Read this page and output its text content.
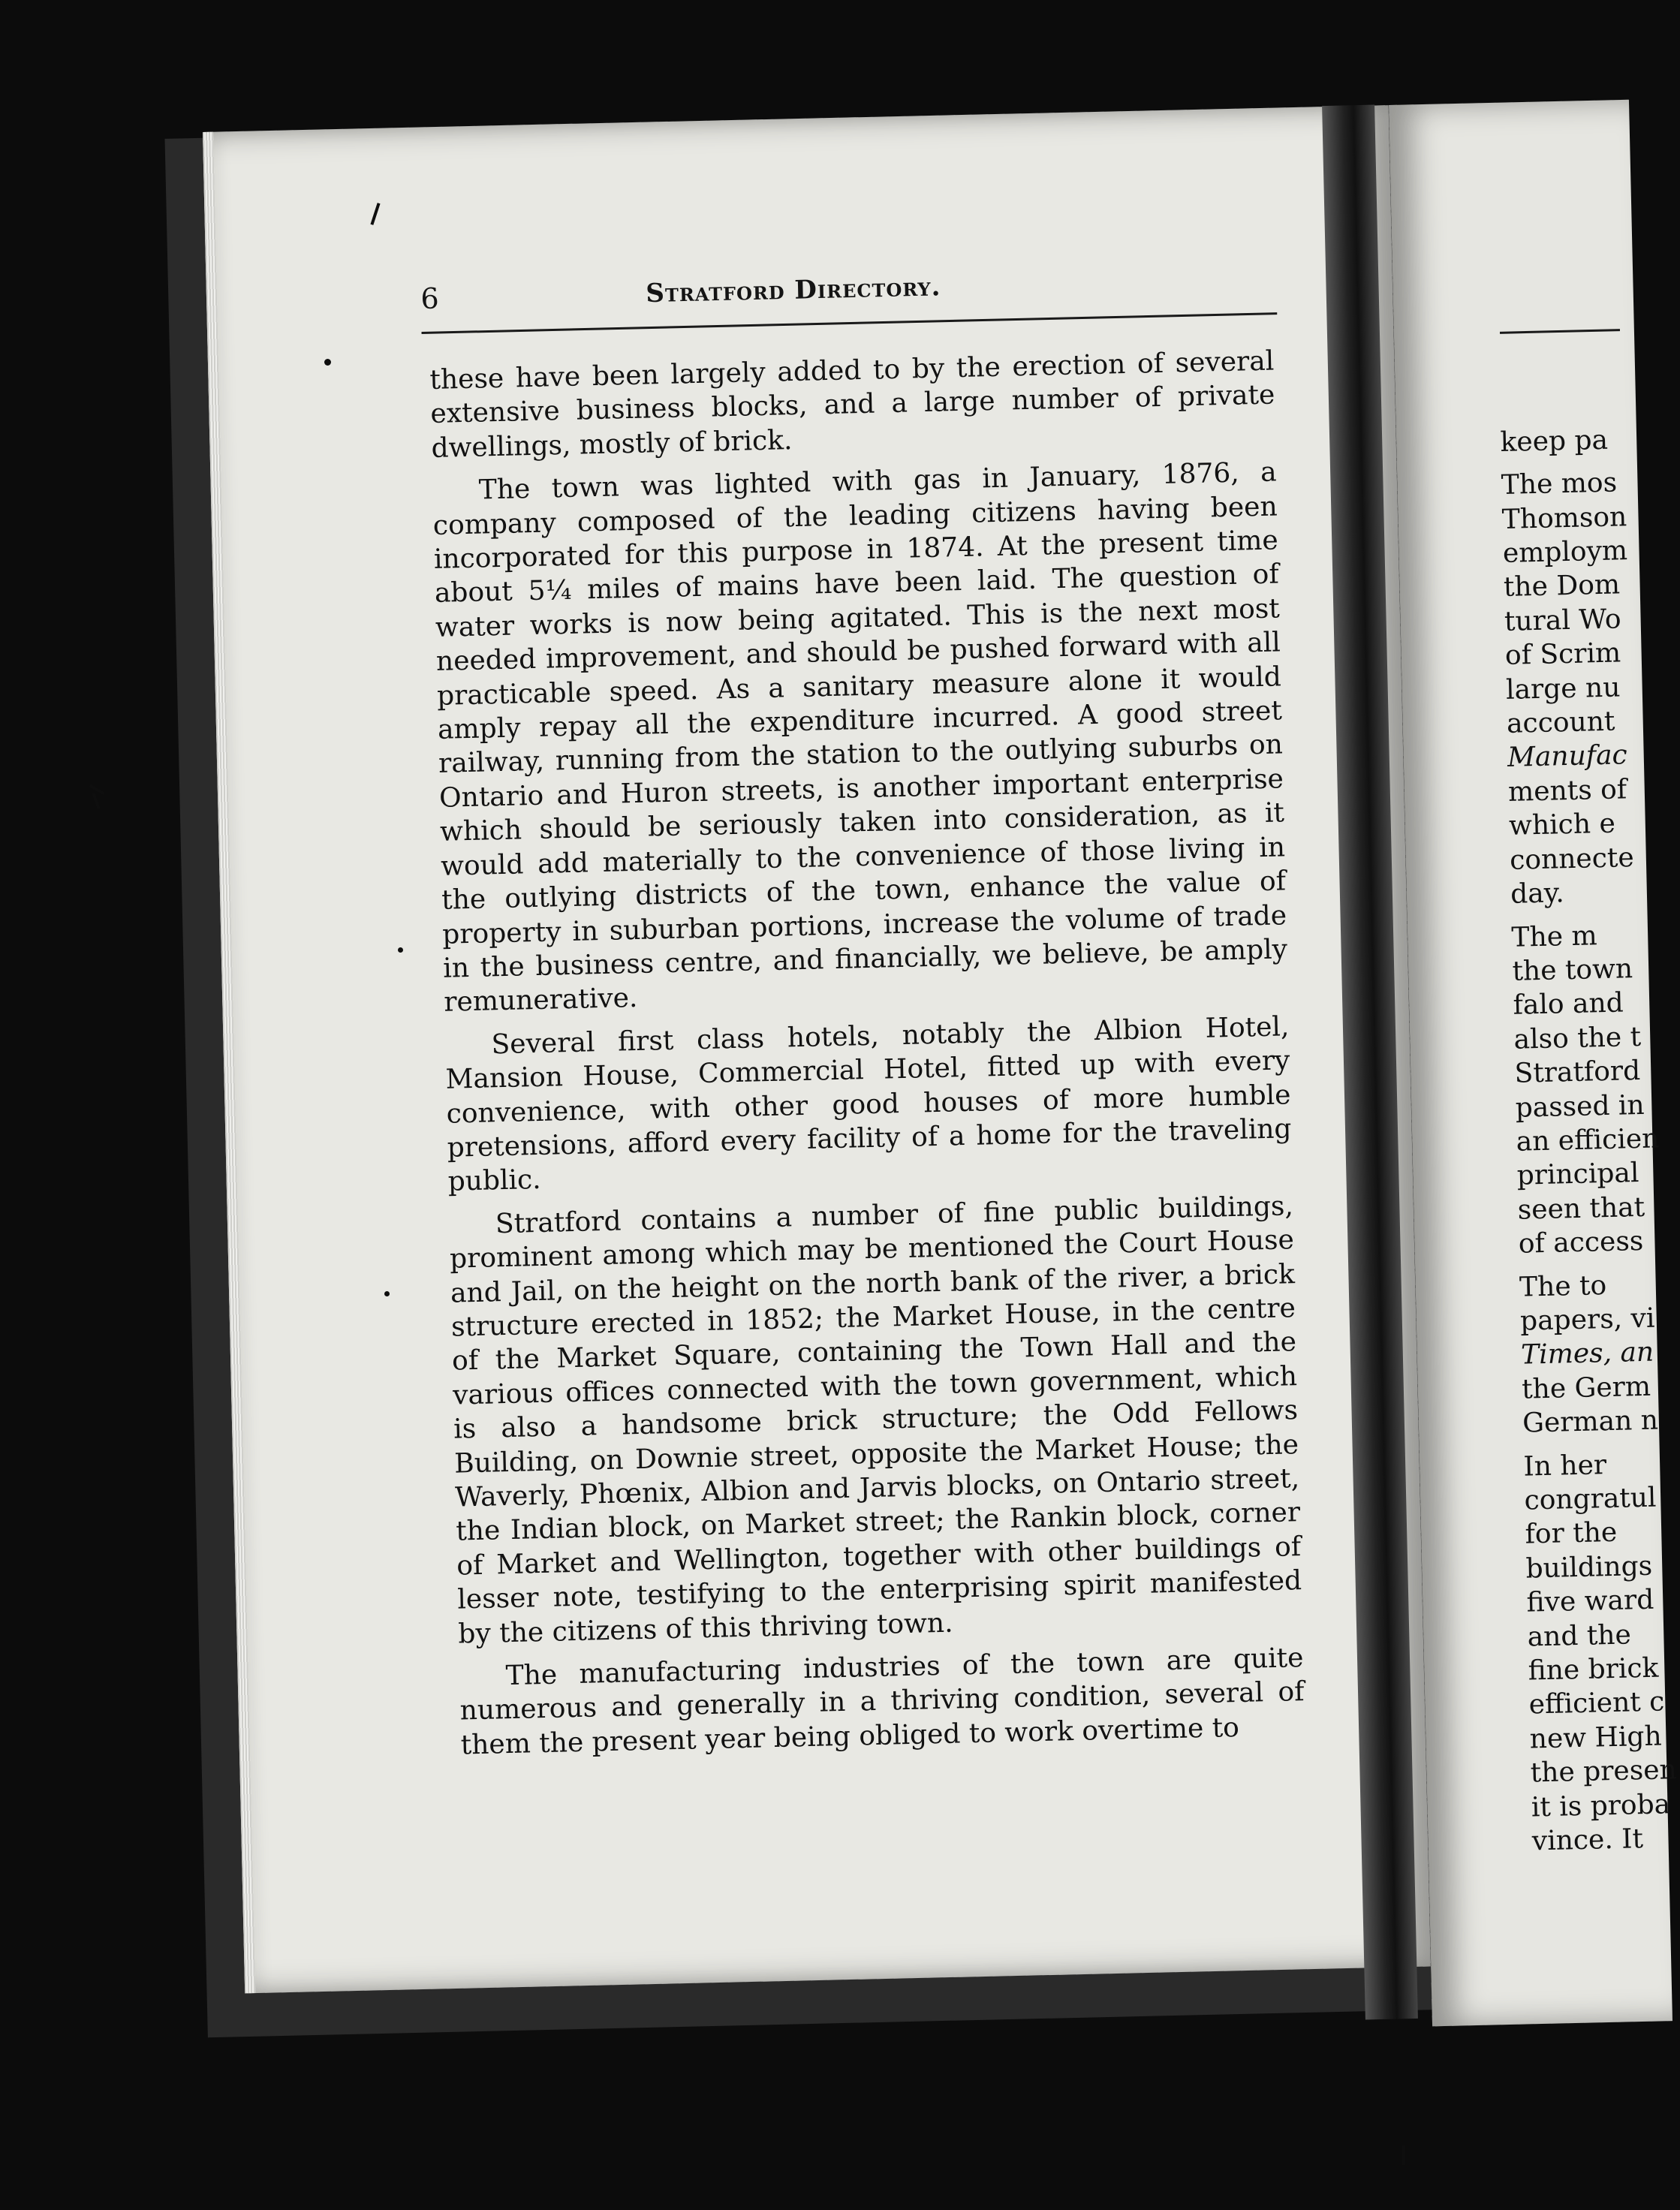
6	Stratford Directory.

these have been largely added to by the erection of several extensive business blocks, and a large number of private dwellings, mostly of brick.

The town was lighted with gas in January, 1876, a company composed of the leading citizens having been incorporated for this purpose in 1874. At the present time about 5¼ miles of mains have been laid. The question of water works is now being agitated. This is the next most needed improvement, and should be pushed forward with all practicable speed. As a sanitary measure alone it would amply repay all the expenditure incurred. A good street railway, running from the station to the outlying suburbs on Ontario and Huron streets, is another important enterprise which should be seriously taken into consideration, as it would add materially to the convenience of those living in the outlying districts of the town, enhance the value of property in suburban portions, increase the volume of trade in the business centre, and financially, we believe, be amply remunerative.

Several first class hotels, notably the Albion Hotel, Mansion House, Commercial Hotel, fitted up with every convenience, with other good houses of more humble pretensions, afford every facility of a home for the traveling public.

Stratford contains a number of fine public buildings, prominent among which may be mentioned the Court House and Jail, on the height on the north bank of the river, a brick structure erected in 1852; the Market House, in the centre of the Market Square, containing the Town Hall and the various offices connected with the town government, which is also a handsome brick structure; the Odd Fellows Building, on Downie street, opposite the Market House; the Waverly, Phœnix, Albion and Jarvis blocks, on Ontario street, the Indian block, on Market street; the Rankin block, corner of Market and Wellington, together with other buildings of lesser note, testifying to the enterprising spirit manifested by the citizens of this thriving town.

The manufacturing industries of the town are quite numerous and generally in a thriving condition, several of them the present year being obliged to work overtime to

keep pa
The mos
Thomson
employm
the Dom
tural Wo
of Scrim
large nu
account
Manufac
ments of
which e
connecte
day.
The m
the town
falo and
also the t
Stratford
passed in
an efficien
principal
seen that
of access
The to
papers, vi
Times, an
the Germ
German n
In her
congratul
for the
buildings
five ward
and the
fine brick
efficient c
new High
the presen
it is proba
vince. It
